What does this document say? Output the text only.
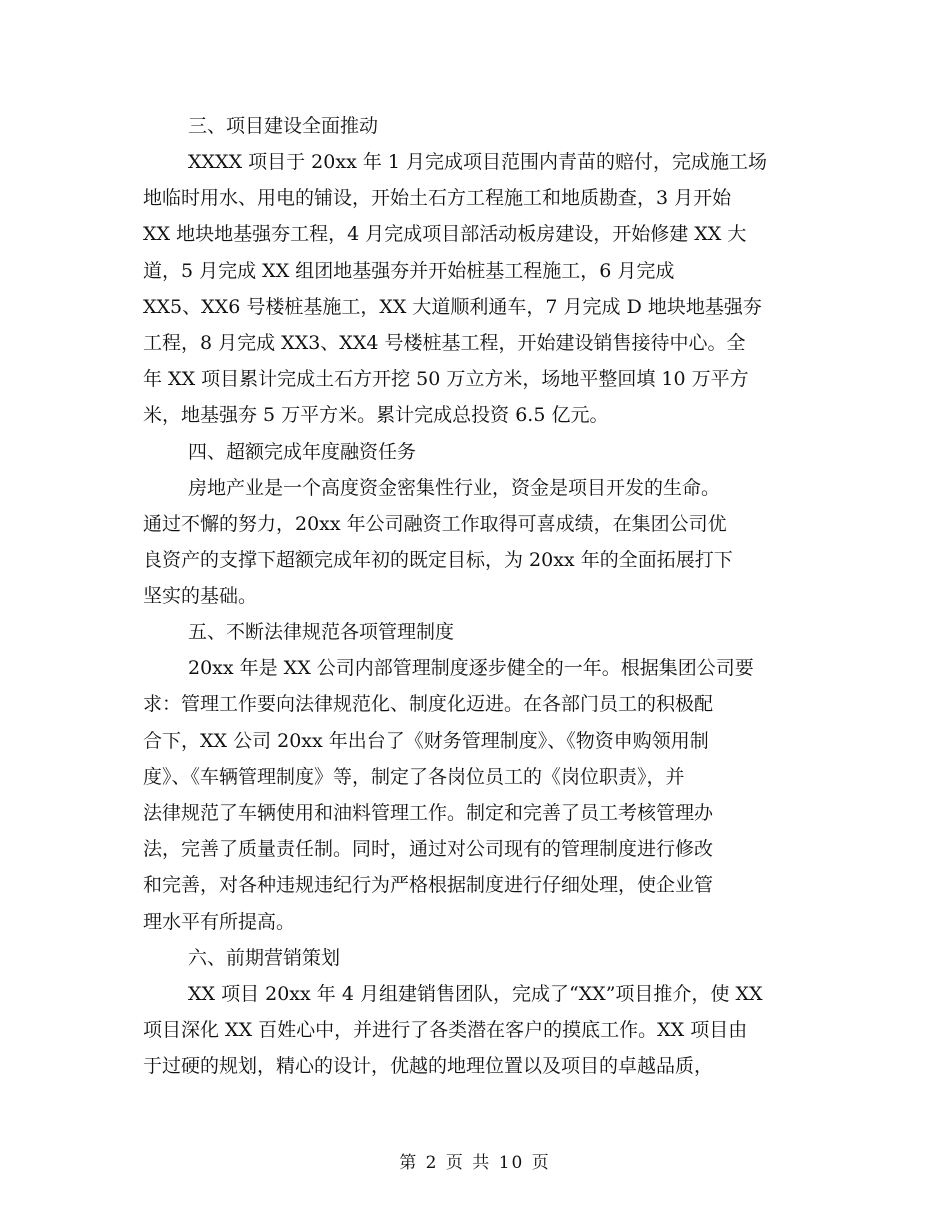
三、项目建设全面推动
XXXX 项目于 20xx 年 1 月完成项目范围内青苗的赔付，完成施工场
地临时用水、用电的铺设，开始土石方工程施工和地质勘查，3 月开始
XX 地块地基强夯工程，4 月完成项目部活动板房建设，开始修建 XX 大
道，5 月完成 XX 组团地基强夯并开始桩基工程施工，6 月完成
XX5、XX6 号楼桩基施工，XX 大道顺利通车，7 月完成 D 地块地基强夯
工程，8 月完成 XX3、XX4 号楼桩基工程，开始建设销售接待中心。全
年 XX 项目累计完成土石方开挖 50 万立方米，场地平整回填 10 万平方
米，地基强夯 5 万平方米。累计完成总投资 6.5 亿元。
四、超额完成年度融资任务
房地产业是一个高度资金密集性行业，资金是项目开发的生命。
通过不懈的努力，20xx 年公司融资工作取得可喜成绩，在集团公司优
良资产的支撑下超额完成年初的既定目标，为 20xx 年的全面拓展打下
坚实的基础。
五、不断法律规范各项管理制度
20xx 年是 XX 公司内部管理制度逐步健全的一年。根据集团公司要
求：管理工作要向法律规范化、制度化迈进。在各部门员工的积极配
合下，XX 公司 20xx 年出台了《财务管理制度》、《物资申购领用制
度》、《车辆管理制度》等，制定了各岗位员工的《岗位职责》，并
法律规范了车辆使用和油料管理工作。制定和完善了员工考核管理办
法，完善了质量责任制。同时，通过对公司现有的管理制度进行修改
和完善，对各种违规违纪行为严格根据制度进行仔细处理，使企业管
理水平有所提高。
六、前期营销策划
XX 项目 20xx 年 4 月组建销售团队，完成了“XX”项目推介，使 XX
项目深化 XX 百姓心中，并进行了各类潜在客户的摸底工作。XX 项目由
于过硬的规划，精心的设计，优越的地理位置以及项目的卓越品质，
第 2 页 共 10 页
